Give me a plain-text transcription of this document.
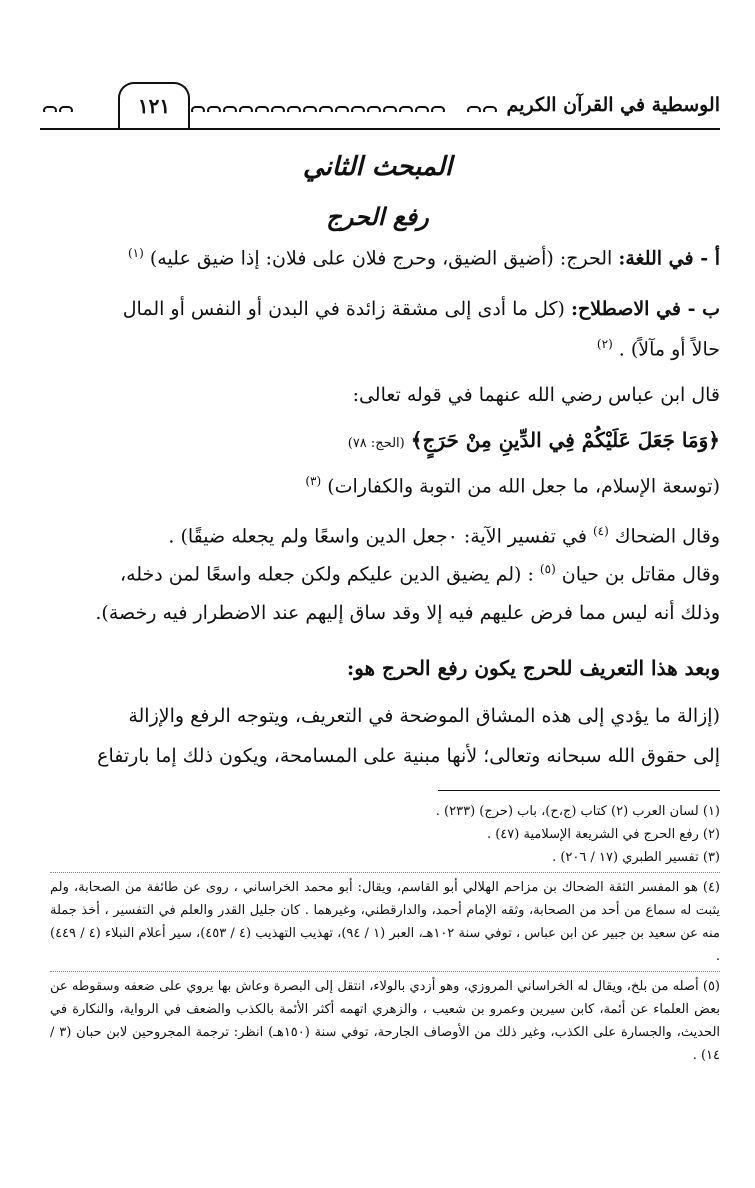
١٢١	الوسطية في القرآن الكريم
المبحث الثاني
رفع الحرج
أ - في اللغة: الحرج: (أضيق الضيق، وحرج فلان على فلان: إذا ضيق عليه) $^{(١)}$
ب - في الاصطلاح: (كل ما أدى إلى مشقة زائدة في البدن أو النفس أو المال
حالاً أو مآلاً) . $^{(٢)}$
قال ابن عباس رضي الله عنهما في قوله تعالى:
﴿وَمَا جَعَلَ عَلَيْكُمْ فِي الدِّينِ مِنْ حَرَجٍ﴾ (الحج: ٧٨)
(توسعة الإسلام، ما جعل الله من التوبة والكفارات) $^{(٣)}$
وقال الضحاك $^{(٤)}$ في تفسير الآية: ٠جعل الدين واسعًا ولم يجعله ضيقًا) .
وقال مقاتل بن حيان $^{(٥)}$ : (لم يضيق الدين عليكم ولكن جعله واسعًا لمن دخله،
وذلك أنه ليس مما فرض عليهم فيه إلا وقد ساق إليهم عند الاضطرار فيه رخصة).
وبعد هذا التعريف للحرج يكون رفع الحرج هو:
(إزالة ما يؤدي إلى هذه المشاق الموضحة في التعريف، ويتوجه الرفع والإزالة
إلى حقوق الله سبحانه وتعالى؛ لأنها مبنية على المسامحة، ويكون ذلك إما بارتفاع

(١) لسان العرب (٢) كتاب (ج،ح)، باب (حرج) (٢٣٣) .

(٢) رفع الحرج في الشريعة الإسلامية (٤٧) .

(٣) تفسير الطبري (١٧ / ٢٠٦) .

(٤) هو المفسر الثقة الضحاك بن مزاحم الهلالي أبو القاسم، ويقال: أبو محمد الخراساني ، روى عن طائفة من الصحابة، ولم يثبت له سماع من أحد من الصحابة، وثقه الإمام أحمد، والدارقطني، وغيرهما . كان جليل القدر والعلم في التفسير ، أخذ جملة منه عن سعيد بن جبير عن ابن عباس ، توفي سنة ١٠٢هـ، العبر (١ / ٩٤)، تهذيب التهذيب (٤ / ٤٥٣)، سير أعلام النبلاء (٤ / ٤٤٩) .

(٥) أصله من بلخ، ويقال له الخراساني المروزي، وهو أزدي بالولاء، انتقل إلى البصرة وعاش بها يروي على ضعفه وسقوطه عن بعض العلماء عن أئمة، كابن سيرين وعمرو بن شعيب ، والزهري اتهمه أكثر الأئمة بالكذب والضعف في الرواية، والنكارة في الحديث، والجسارة على الكذب، وغير ذلك من الأوصاف الجارحة، توفي سنة (١٥٠هـ) انظر: ترجمة المجروحين لابن حبان (٣ / ١٤) .
